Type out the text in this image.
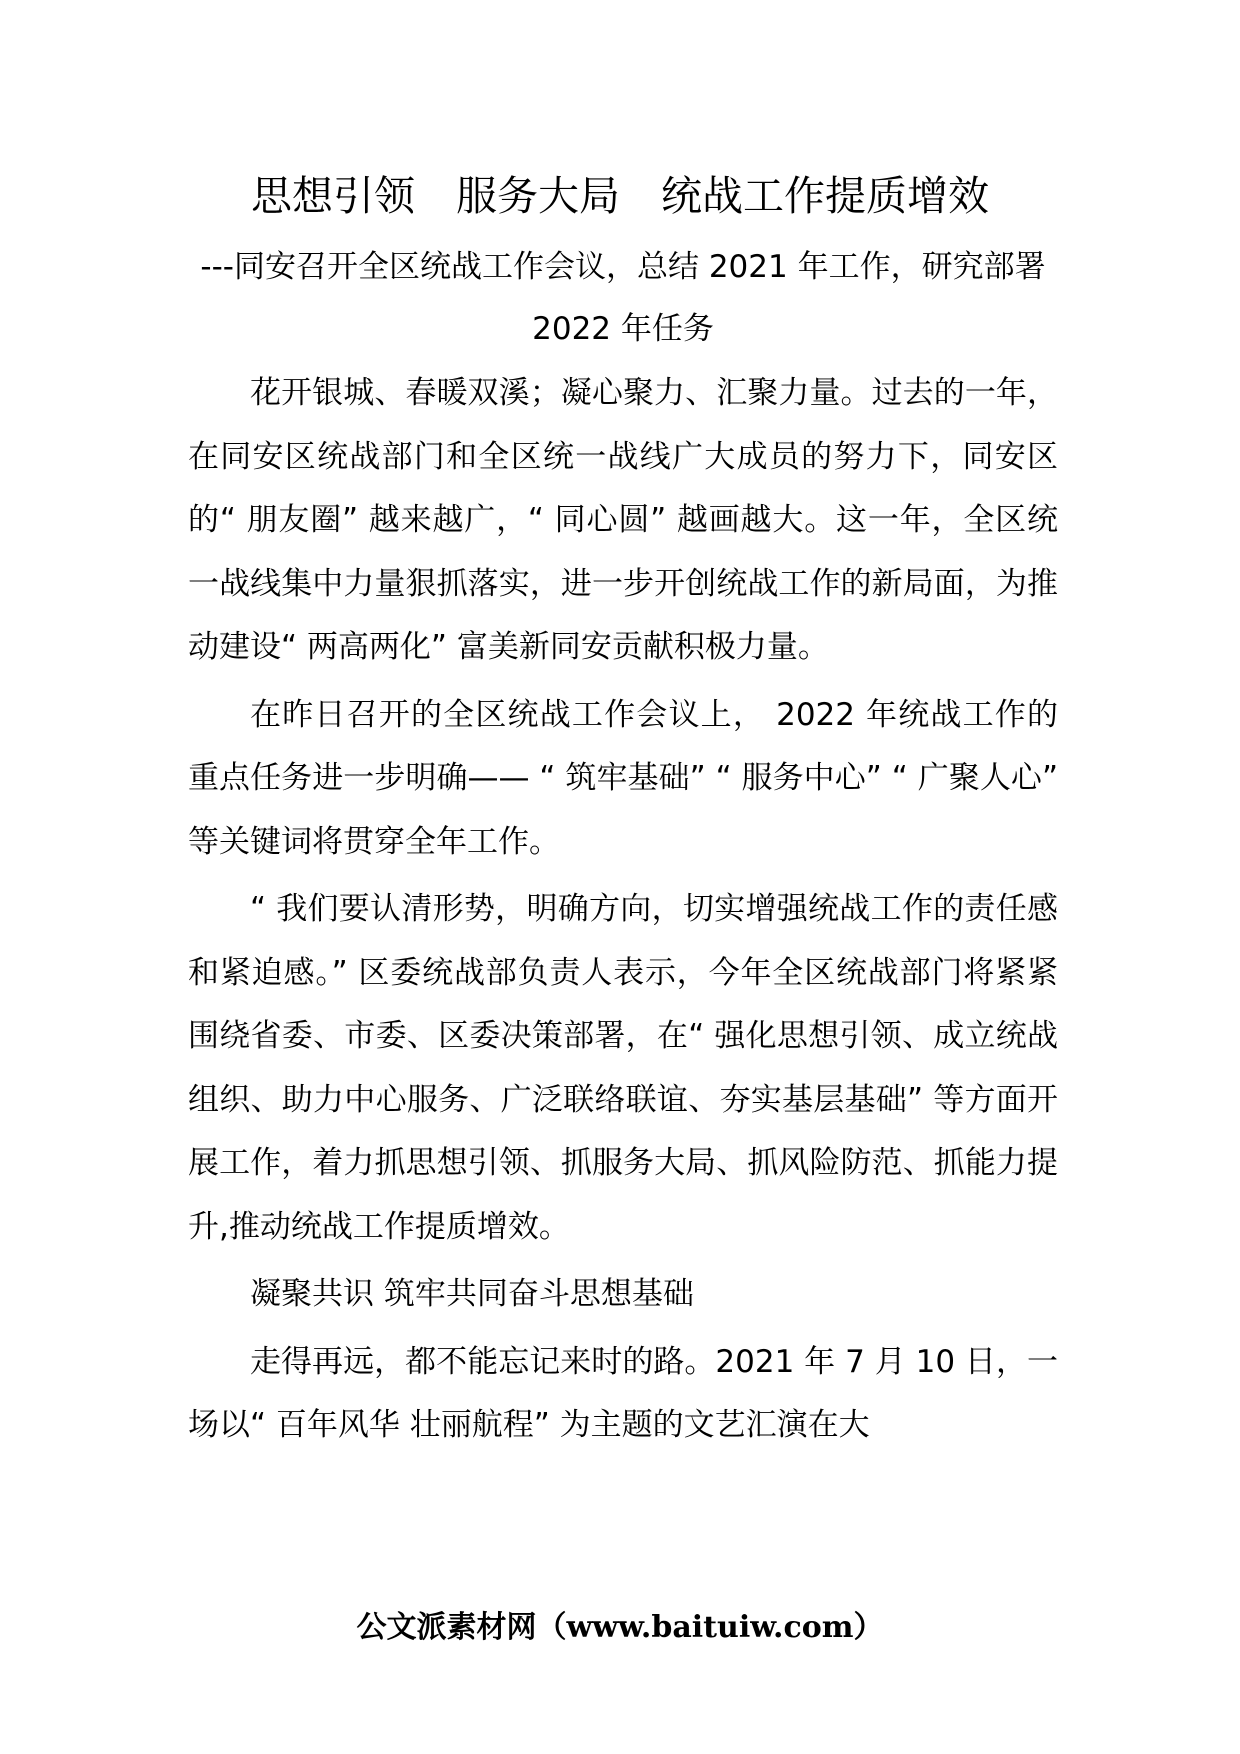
思想引领　服务大局　统战工作提质增效

---同安召开全区统战工作会议，总结 2021 年工作，研究部署 2022 年任务

花开银城、春暖双溪；凝心聚力、汇聚力量。过去的一年，在同安区统战部门和全区统一战线广大成员的努力下，同安区的“ 朋友圈” 越来越广，“ 同心圆” 越画越大。这一年，全区统一战线集中力量狠抓落实，进一步开创统战工作的新局面，为推动建设“ 两高两化” 富美新同安贡献积极力量。

在昨日召开的全区统战工作会议上， 2022 年统战工作的重点任务进一步明确—— “ 筑牢基础” “ 服务中心” “ 广聚人心” 等关键词将贯穿全年工作。

“ 我们要认清形势，明确方向，切实增强统战工作的责任感和紧迫感。” 区委统战部负责人表示，今年全区统战部门将紧紧围绕省委、市委、区委决策部署，在“ 强化思想引领、成立统战组织、助力中心服务、广泛联络联谊、夯实基层基础” 等方面开展工作，着力抓思想引领、抓服务大局、抓风险防范、抓能力提升,推动统战工作提质增效。

凝聚共识 筑牢共同奋斗思想基础

走得再远，都不能忘记来时的路。2021 年 7 月 10 日，一场以“ 百年风华 壮丽航程” 为主题的文艺汇演在大

公文派素材网（www.baituiw.com）
